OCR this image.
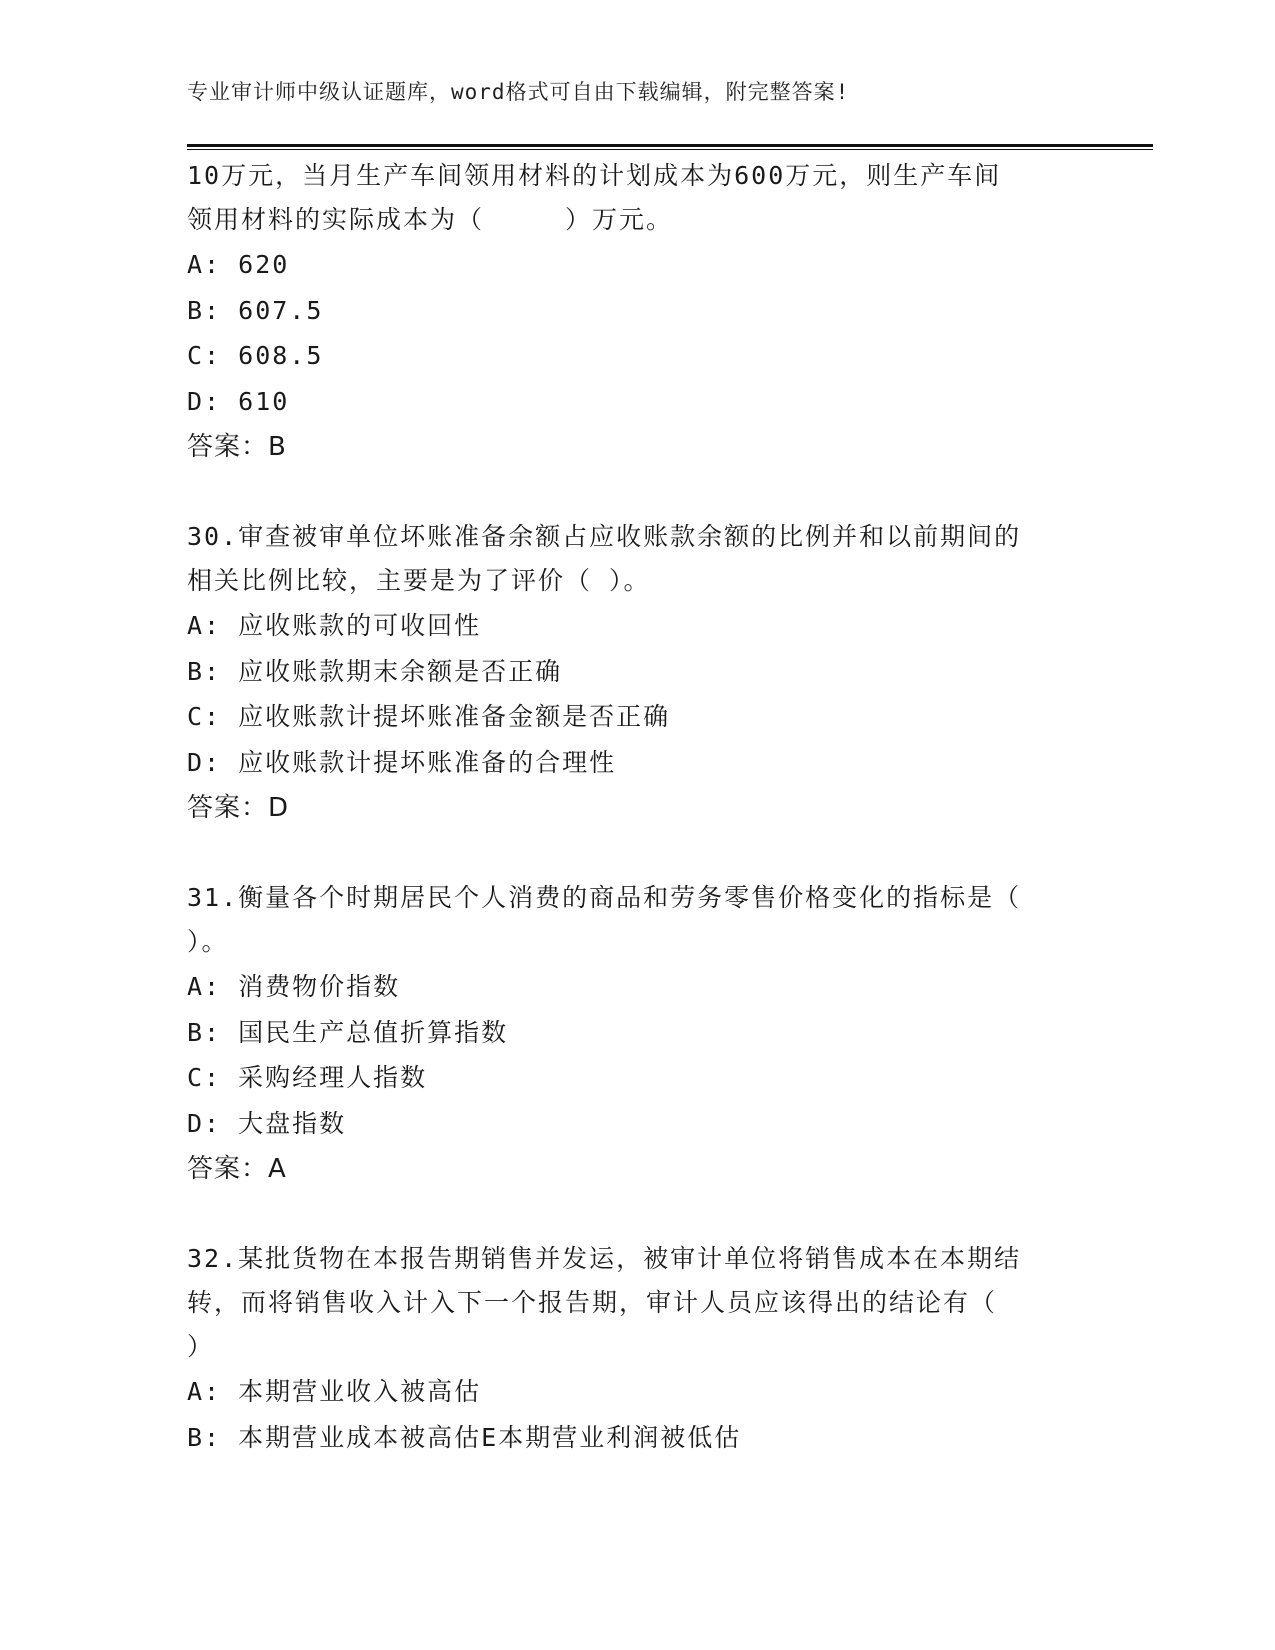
专业审计师中级认证题库，word格式可自由下载编辑，附完整答案!

10万元，当月生产车间领用材料的计划成本为600万元，则生产车间

领用材料的实际成本为（　　　）万元。

A: 620

B: 607.5

C: 608.5

D: 610

答案：B

30.审查被审单位坏账准备余额占应收账款余额的比例并和以前期间的

相关比例比较，主要是为了评价（ ）。

A: 应收账款的可收回性

B: 应收账款期末余额是否正确

C: 应收账款计提坏账准备金额是否正确

D: 应收账款计提坏账准备的合理性

答案：D

31.衡量各个时期居民个人消费的商品和劳务零售价格变化的指标是（

）。

A: 消费物价指数

B: 国民生产总值折算指数

C: 采购经理人指数

D: 大盘指数

答案：A

32.某批货物在本报告期销售并发运，被审计单位将销售成本在本期结

转，而将销售收入计入下一个报告期，审计人员应该得出的结论有（

）

A: 本期营业收入被高估

B: 本期营业成本被高估E本期营业利润被低估
